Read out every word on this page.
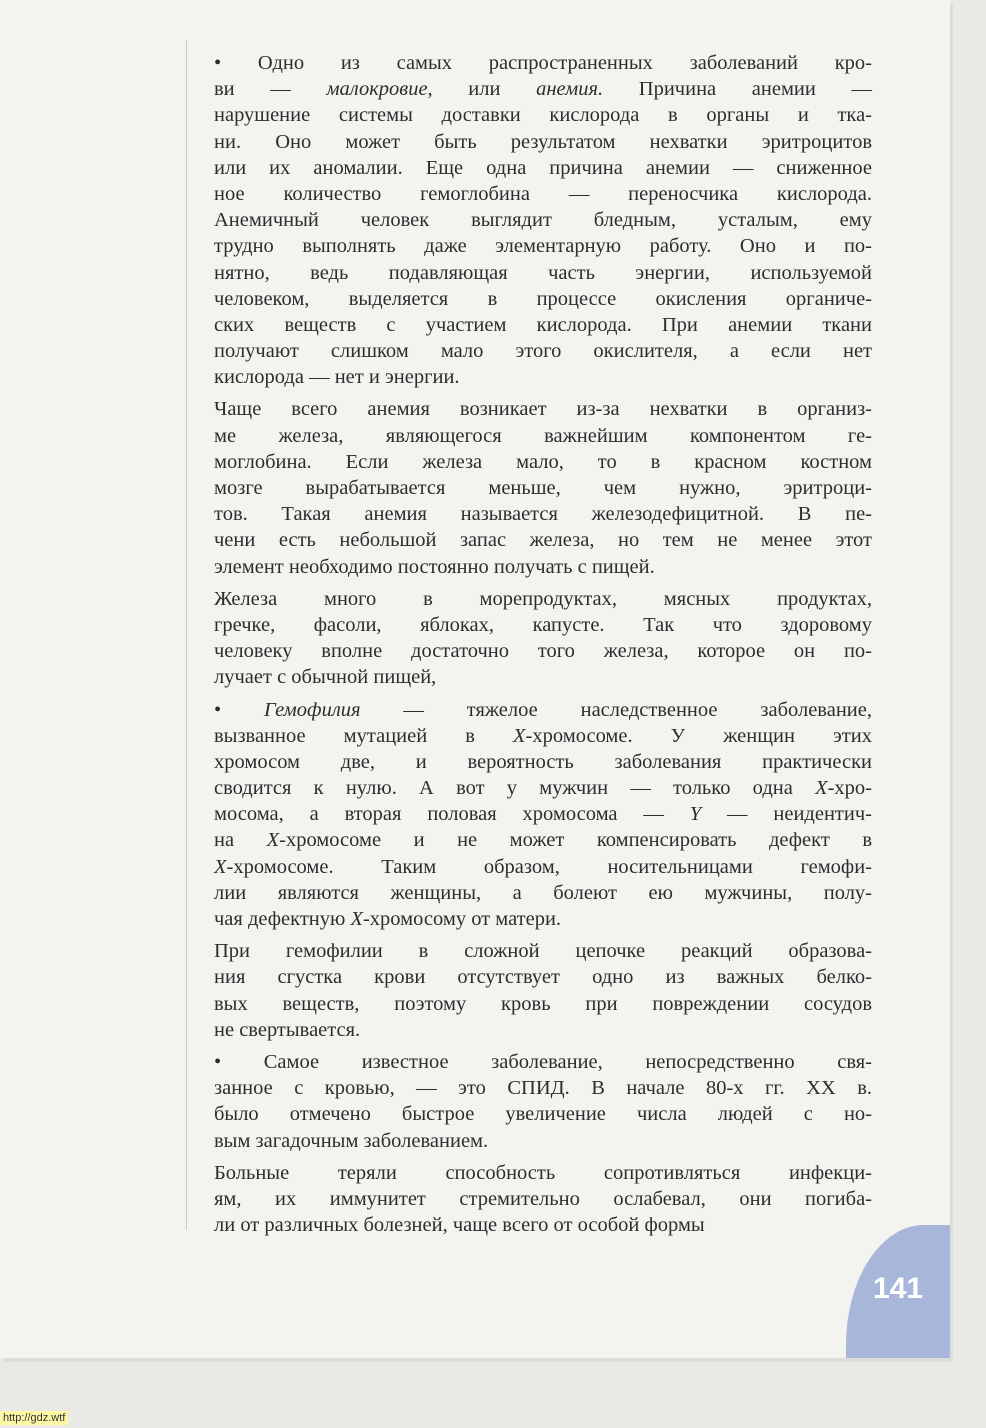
• Одно из самых распространенных заболеваний кро-
ви — малокровие, или анемия. Причина анемии —
нарушение системы доставки кислорода в органы и тка-
ни. Оно может быть результатом нехватки эритроцитов
или их аномалии. Еще одна причина анемии — сниженное
ное количество гемоглобина — переносчика кислорода.
Анемичный человек выглядит бледным, усталым, ему
трудно выполнять даже элементарную работу. Оно и по-
нятно, ведь подавляющая часть энергии, используемой
человеком, выделяется в процессе окисления органиче-
ских веществ с участием кислорода. При анемии ткани
получают слишком мало этого окислителя, а если нет
кислорода — нет и энергии.
Чаще всего анемия возникает из-за нехватки в организ-
ме железа, являющегося важнейшим компонентом ге-
моглобина. Если железа мало, то в красном костном
мозге вырабатывается меньше, чем нужно, эритроци-
тов. Такая анемия называется железодефицитной. В пе-
чени есть небольшой запас железа, но тем не менее этот
элемент необходимо постоянно получать с пищей.
Железа много в морепродуктах, мясных продуктах,
гречке, фасоли, яблоках, капусте. Так что здоровому
человеку вполне достаточно того железа, которое он по-
лучает с обычной пищей,
• Гемофилия — тяжелое наследственное заболевание,
вызванное мутацией в X-хромосоме. У женщин этих
хромосом две, и вероятность заболевания практически
сводится к нулю. А вот у мужчин — только одна X-хро-
мосома, а вторая половая хромосома — Y — неидентич-
на X-хромосоме и не может компенсировать дефект в
X-хромосоме. Таким образом, носительницами гемофи-
лии являются женщины, а болеют ею мужчины, полу-
чая дефектную X-хромосому от матери.
При гемофилии в сложной цепочке реакций образова-
ния сгустка крови отсутствует одно из важных белко-
вых веществ, поэтому кровь при повреждении сосудов
не свертывается.
• Самое известное заболевание, непосредственно свя-
занное с кровью, — это СПИД. В начале 80-х гг. XX в.
было отмечено быстрое увеличение числа людей с но-
вым загадочным заболеванием.
Больные теряли способность сопротивляться инфекци-
ям, их иммунитет стремительно ослабевал, они погиба-
ли от различных болезней, чаще всего от особой формы
141
http://gdz.wtf
